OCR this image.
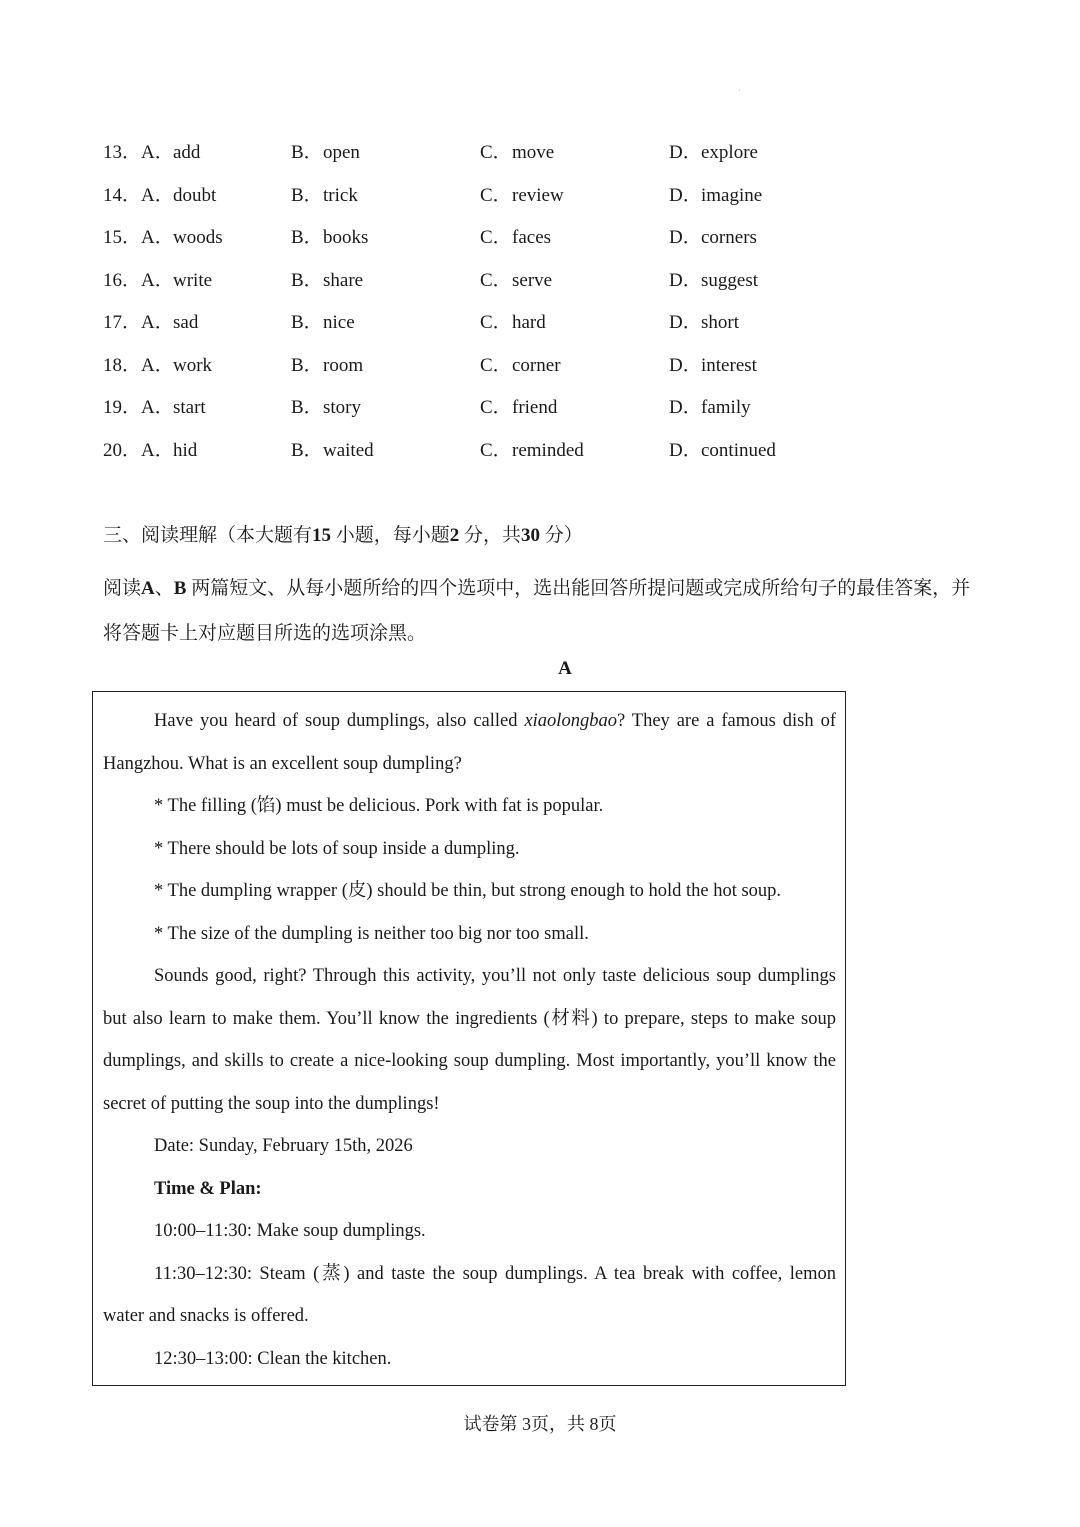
·
13． A．add	B．open	C．move	D．explore
14． A．doubt	B．trick	C．review	D．imagine
15． A．woods	B．books	C．faces	D．corners
16． A．write	B．share	C．serve	D．suggest
17． A．sad	B．nice	C．hard	D．short
18． A．work	B．room	C．corner	D．interest
19． A．start	B．story	C．friend	D．family
20． A．hid	B．waited	C．reminded	D．continued
三、阅读理解（本大题有15 小题，每小题2 分，共30 分）
阅读A、B 两篇短文、从每小题所给的四个选项中，选出能回答所提问题或完成所给句子的最佳答案，并将答题卡上对应题目所选的选项涂黑。
A

Have you heard of soup dumplings, also called xiaolongbao? They are a famous dish of Hangzhou. What is an excellent soup dumpling?

* The filling (馅) must be delicious. Pork with fat is popular.

* There should be lots of soup inside a dumpling.

* The dumpling wrapper (皮) should be thin, but strong enough to hold the hot soup.

* The size of the dumpling is neither too big nor too small.

Sounds good, right? Through this activity, you’ll not only taste delicious soup dumplings but also learn to make them. You’ll know the ingredients (材料) to prepare, steps to make soup dumplings, and skills to create a nice-looking soup dumpling. Most importantly, you’ll know the secret of putting the soup into the dumplings!

Date: Sunday, February 15th, 2026

Time & Plan:

10:00–11:30: Make soup dumplings.

11:30–12:30: Steam (蒸) and taste the soup dumplings. A tea break with coffee, lemon water and snacks is offered.

12:30–13:00: Clean the kitchen.

试卷第 3页，共 8页
